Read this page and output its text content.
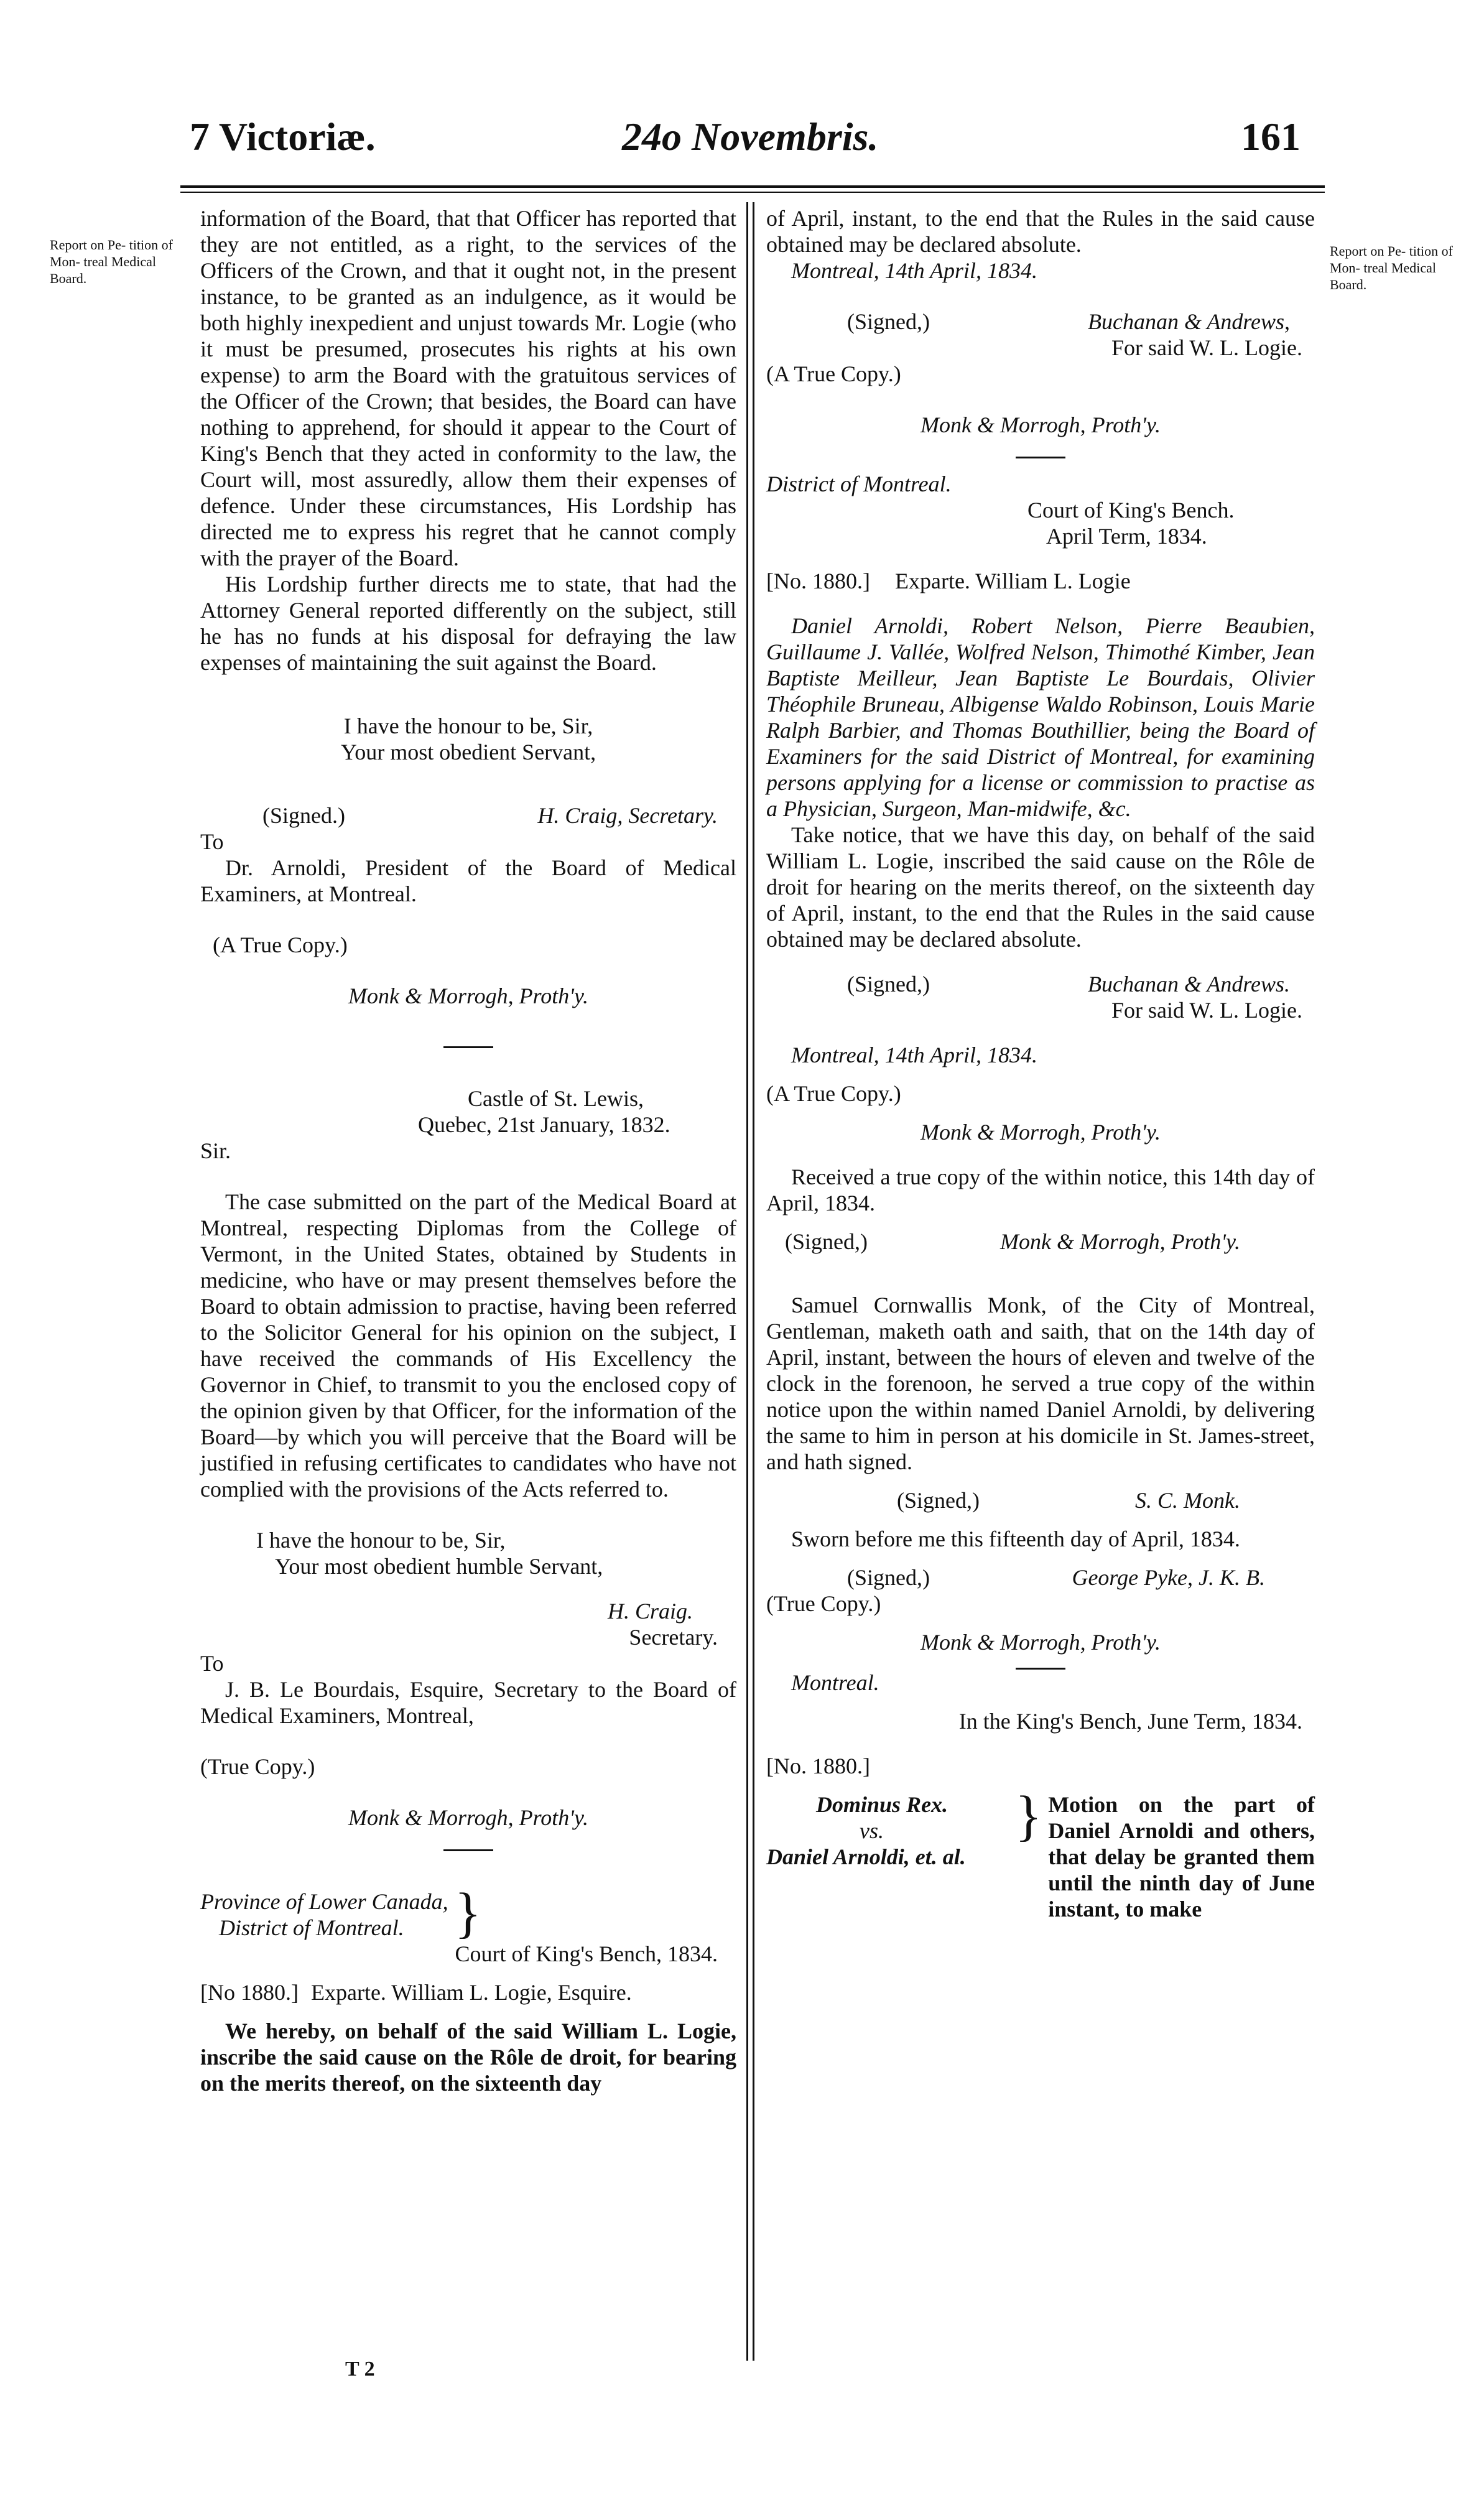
7 Victoriæ.	24o Novembris.	161
Report on Pe- tition of Mon- treal Medical Board.
Report on Pe- tition of Mon- treal Medical Board.

information of the Board, that that Officer has reported that they are not entitled, as a right, to the services of the Officers of the Crown, and that it ought not, in the present instance, to be granted as an indulgence, as it would be both highly inexpedient and unjust towards Mr. Logie (who it must be presumed, prosecutes his rights at his own expense) to arm the Board with the gratuitous services of the Officer of the Crown; that besides, the Board can have nothing to apprehend, for should it appear to the Court of King's Bench that they acted in conformity to the law, the Court will, most assuredly, allow them their expenses of defence. Under these circumstances, His Lordship has directed me to express his regret that he cannot comply with the prayer of the Board.

His Lordship further directs me to state, that had the Attorney General reported differently on the subject, still he has no funds at his disposal for defraying the law expenses of maintaining the suit against the Board.

I have the honour to be, Sir,

Your most obedient Servant,

(Signed.)	H. Craig, Secretary.

To

Dr. Arnoldi, President of the Board of Medical Examiners, at Montreal.

(A True Copy.)

Monk & Morrogh, Proth'y.

Castle of St. Lewis,

Quebec, 21st January, 1832.

Sir.

The case submitted on the part of the Medical Board at Montreal, respecting Diplomas from the College of Vermont, in the United States, obtained by Students in medicine, who have or may present themselves before the Board to obtain admission to practise, having been referred to the Solicitor General for his opinion on the subject, I have received the commands of His Excellency the Governor in Chief, to transmit to you the enclosed copy of the opinion given by that Officer, for the information of the Board—by which you will perceive that the Board will be justified in refusing certificates to candidates who have not complied with the provisions of the Acts referred to.

I have the honour to be, Sir,

Your most obedient humble Servant,

H. Craig.

Secretary.

To

J. B. Le Bourdais, Esquire, Secretary to the Board of Medical Examiners, Montreal,

(True Copy.)

Monk & Morrogh, Proth'y.

Province of Lower Canada,

District of Montreal. }

Court of King's Bench, 1834.

[No 1880.] Exparte. William L. Logie, Esquire.

We hereby, on behalf of the said William L. Logie, inscribe the said cause on the Rôle de droit, for bearing on the merits thereof, on the sixteenth day

of April, instant, to the end that the Rules in the said cause obtained may be declared absolute.

Montreal, 14th April, 1834.

(Signed,)	Buchanan & Andrews,

For said W. L. Logie.

(A True Copy.)

Monk & Morrogh, Proth'y.

District of Montreal.

Court of King's Bench.

April Term, 1834.

[No. 1880.] Exparte. William L. Logie

Daniel Arnoldi, Robert Nelson, Pierre Beaubien, Guillaume J. Vallée, Wolfred Nelson, Thimothé Kimber, Jean Baptiste Meilleur, Jean Baptiste Le Bourdais, Olivier Théophile Bruneau, Albigense Waldo Robinson, Louis Marie Ralph Barbier, and Thomas Bouthillier, being the Board of Examiners for the said District of Montreal, for examining persons applying for a license or commission to practise as a Physician, Surgeon, Man-midwife, &c.

Take notice, that we have this day, on behalf of the said William L. Logie, inscribed the said cause on the Rôle de droit for hearing on the merits thereof, on the sixteenth day of April, instant, to the end that the Rules in the said cause obtained may be declared absolute.

(Signed,)	Buchanan & Andrews.

For said W. L. Logie.

Montreal, 14th April, 1834.

(A True Copy.)

Monk & Morrogh, Proth'y.

Received a true copy of the within notice, this 14th day of April, 1834.

(Signed,)	Monk & Morrogh, Proth'y.

Samuel Cornwallis Monk, of the City of Montreal, Gentleman, maketh oath and saith, that on the 14th day of April, instant, between the hours of eleven and twelve of the clock in the forenoon, he served a true copy of the within notice upon the within named Daniel Arnoldi, by delivering the same to him in person at his domicile in St. James-street, and hath signed.

(Signed,)	S. C. Monk.

Sworn before me this fifteenth day of April, 1834.

(Signed,)	George Pyke, J. K. B.

(True Copy.)

Monk & Morrogh, Proth'y.

Montreal.

In the King's Bench, June Term, 1834.

[No. 1880.]

Dominus Rex.

vs.

Daniel Arnoldi, et. al.

} Motion on the part of Daniel Arnoldi and others, that delay be granted them until the ninth day of June instant, to make

T 2
